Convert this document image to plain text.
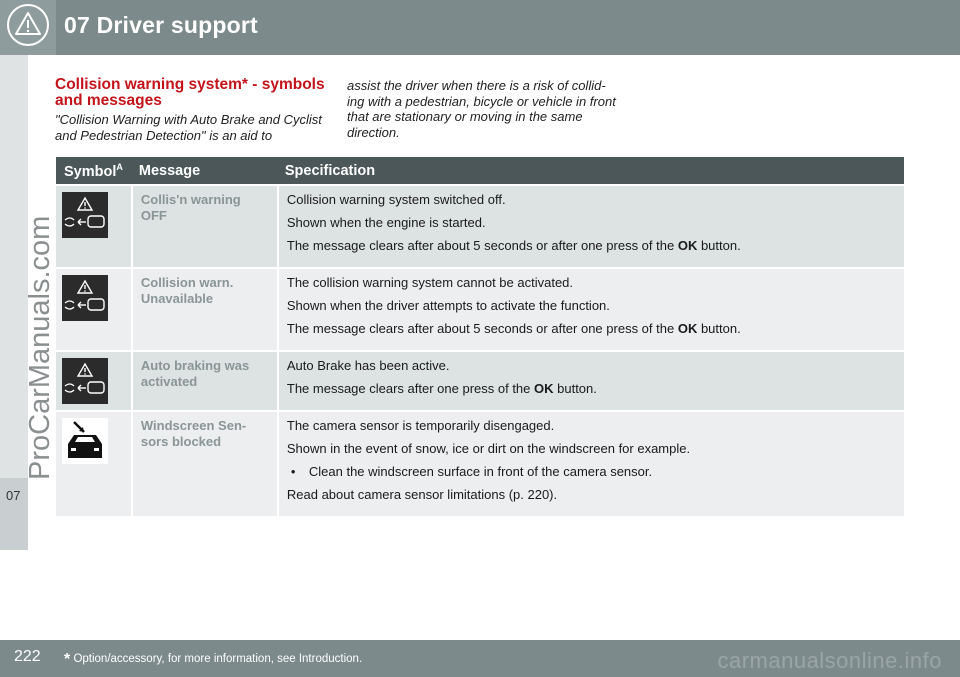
07 Driver support
07
ProCarManuals.com
Collision warning system* - symbols and messages
"Collision Warning with Auto Brake and Cyclist and Pedestrian Detection" is an aid to
assist the driver when there is a risk of collid-ing with a pedestrian, bicycle or vehicle in front that are stationary or moving in the same direction.
Symbol$^A$	Message	Specification

	Collis'n warning OFF	Collision warning system switched off.

Shown when the engine is started.

The message clears after about 5 seconds or after one press of the OK button.

	Collision warn. Unavailable	The collision warning system cannot be activated.

Shown when the driver attempts to activate the function.

The message clears after about 5 seconds or after one press of the OK button.

	Auto braking was activated	Auto Brake has been active.

The message clears after one press of the OK button.

	Windscreen Sen-sors blocked	The camera sensor is temporarily disengaged.

Shown in the event of snow, ice or dirt on the windscreen for example.

• Clean the windscreen surface in front of the camera sensor.

Read about camera sensor limitations (p. 220).

222 * Option/accessory, for more information, see Introduction.	carmanualsonline.info
